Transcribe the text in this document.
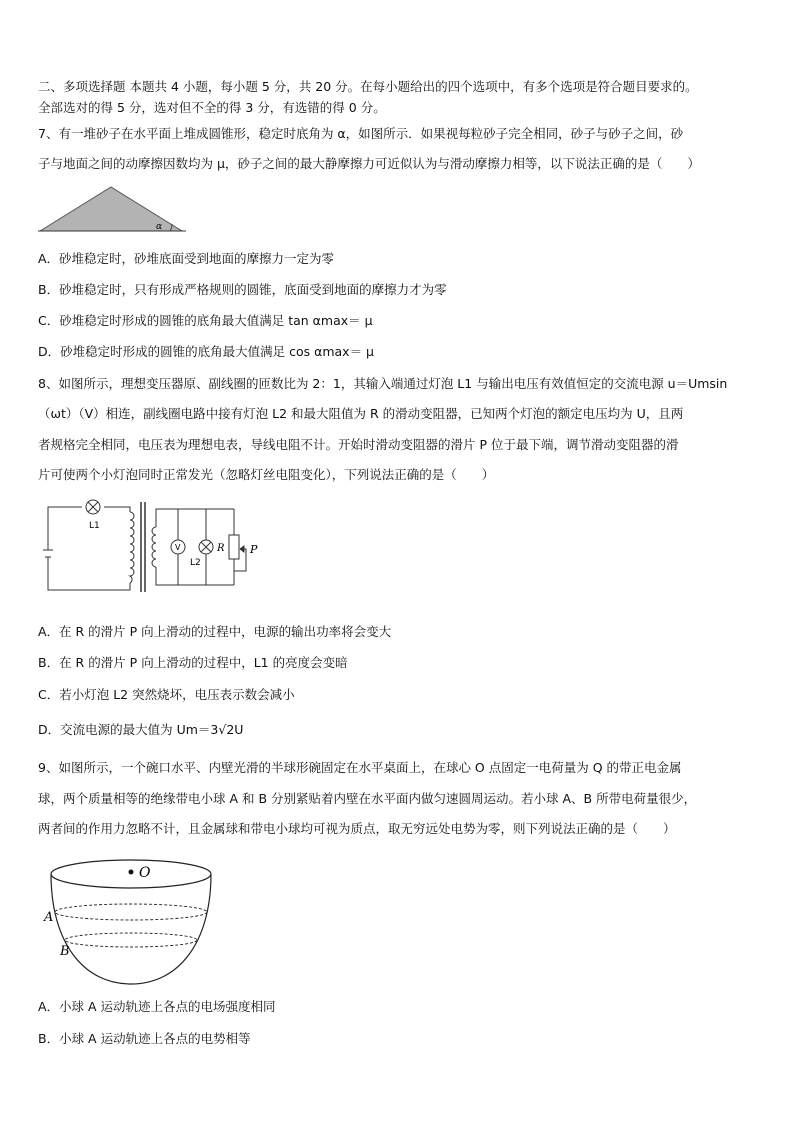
二、多项选择题 本题共 4 小题，每小题 5 分，共 20 分。在每小题给出的四个选项中，有多个选项是符合题目要求的。
全部选对的得 5 分，选对但不全的得 3 分，有选错的得 0 分。
7、有一堆砂子在水平面上堆成圆锥形，稳定时底角为 α，如图所示．如果视每粒砂子完全相同，砂子与砂子之间，砂
子与地面之间的动摩擦因数均为 μ，砂子之间的最大静摩擦力可近似认为与滑动摩擦力相等，以下说法正确的是（　　）
α
A．砂堆稳定时，砂堆底面受到地面的摩擦力一定为零
B．砂堆稳定时，只有形成严格规则的圆锥，底面受到地面的摩擦力才为零
C．砂堆稳定时形成的圆锥的底角最大值满足 tan αmax＝ μ
D．砂堆稳定时形成的圆锥的底角最大值满足 cos αmax＝ μ
8、如图所示，理想变压器原、副线圈的匝数比为 2：1，其输入端通过灯泡 L1 与输出电压有效值恒定的交流电源 u＝Umsin
（ωt）（V）相连，副线圈电路中接有灯泡 L2 和最大阻值为 R 的滑动变阻器，已知两个灯泡的额定电压均为 U，且两
者规格完全相同，电压表为理想电表，导线电阻不计。开始时滑动变阻器的滑片 P 位于最下端，调节滑动变阻器的滑
片可使两个小灯泡同时正常发光（忽略灯丝电阻变化），下列说法正确的是（　　）
L1
V
L2
R P
A．在 R 的滑片 P 向上滑动的过程中，电源的输出功率将会变大
B．在 R 的滑片 P 向上滑动的过程中，L1 的亮度会变暗
C．若小灯泡 L2 突然烧坏，电压表示数会减小
D．交流电源的最大值为 Um＝3√2U
9、如图所示，一个碗口水平、内壁光滑的半球形碗固定在水平桌面上，在球心 O 点固定一电荷量为 Q 的带正电金属
球，两个质量相等的绝缘带电小球 A 和 B 分别紧贴着内壁在水平面内做匀速圆周运动。若小球 A、B 所带电荷量很少，
两者间的作用力忽略不计，且金属球和带电小球均可视为质点，取无穷远处电势为零，则下列说法正确的是（　　）
O
A
B
A．小球 A 运动轨迹上各点的电场强度相同
B．小球 A 运动轨迹上各点的电势相等
